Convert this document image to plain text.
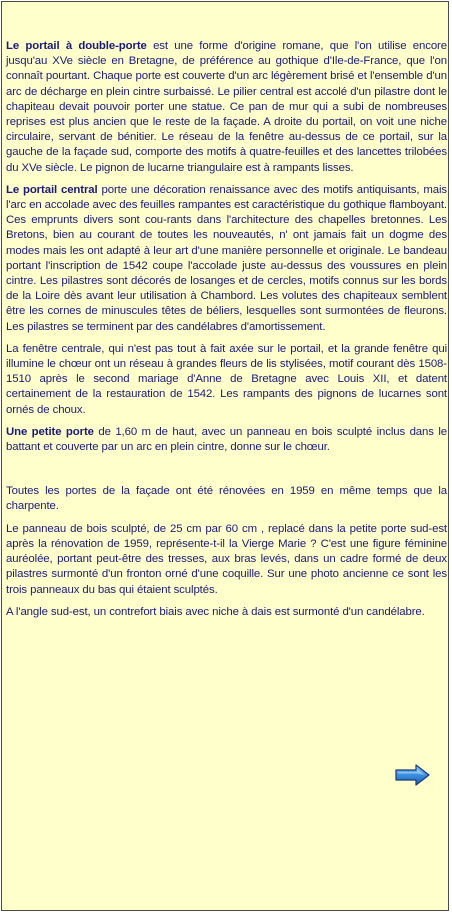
Le portail à double-porte est une forme d'origine romane, que l'on utilise encore jusqu'au XVe siècle en Bretagne, de préférence au gothique d'Ile-de-France, que l'on connaît pourtant. Chaque porte est couverte d'un arc légèrement brisé et l'ensemble d'un arc de décharge en plein cintre surbaissé. Le pilier central est accolé d'un pilastre dont le chapiteau devait pouvoir porter une statue. Ce pan de mur qui a subi de nombreuses reprises est plus ancien que le reste de la façade. A droite du portail, on voit une niche circulaire, servant de bénitier. Le réseau de la fenêtre au-dessus de ce portail, sur la gauche de la façade sud, comporte des motifs à quatre-feuilles et des lancettes trilobées du XVe siècle. Le pignon de lucarne triangulaire est à rampants lisses.

Le portail central porte une décoration renaissance avec des motifs antiquisants, mais l'arc en accolade avec des feuilles rampantes est caractéristique du gothique flamboyant. Ces emprunts divers sont cou-rants dans l'architecture des chapelles bretonnes. Les Bretons, bien au courant de toutes les nouveautés, n' ont jamais fait un dogme des modes mais les ont adapté à leur art d'une manière personnelle et originale. Le bandeau portant l'inscription de 1542 coupe l'accolade juste au-dessus des voussures en plein cintre. Les pilastres sont décorés de losanges et de cercles, motifs connus sur les bords de la Loire dès avant leur utilisation à Chambord. Les volutes des chapiteaux semblent être les cornes de minuscules têtes de béliers, lesquelles sont surmontées de fleurons. Les pilastres se terminent par des candélabres d'amortissement.

La fenêtre centrale, qui n'est pas tout à fait axée sur le portail, et la grande fenêtre qui illumine le chœur ont un réseau à grandes fleurs de lis stylisées, motif courant dès 1508-1510 après le second mariage d'Anne de Bretagne avec Louis XII, et datent certainement de la restauration de 1542. Les rampants des pignons de lucarnes sont ornés de choux.

Une petite porte de 1,60 m de haut, avec un panneau en bois sculpté inclus dans le battant et couverte par un arc en plein cintre, donne sur le chœur.

Toutes les portes de la façade ont été rénovées en 1959 en même temps que la charpente.

Le panneau de bois sculpté, de 25 cm par 60 cm , replacé dans la petite porte sud-est après la rénovation de 1959, représente-t-il la Vierge Marie ? C'est une figure féminine auréolée, portant peut-être des tresses, aux bras levés, dans un cadre formé de deux pilastres surmonté d'un fronton orné d'une coquille. Sur une photo ancienne ce sont les trois panneaux du bas qui étaient sculptés.

A l'angle sud-est, un contrefort biais avec niche à dais est surmonté d'un candélabre.
